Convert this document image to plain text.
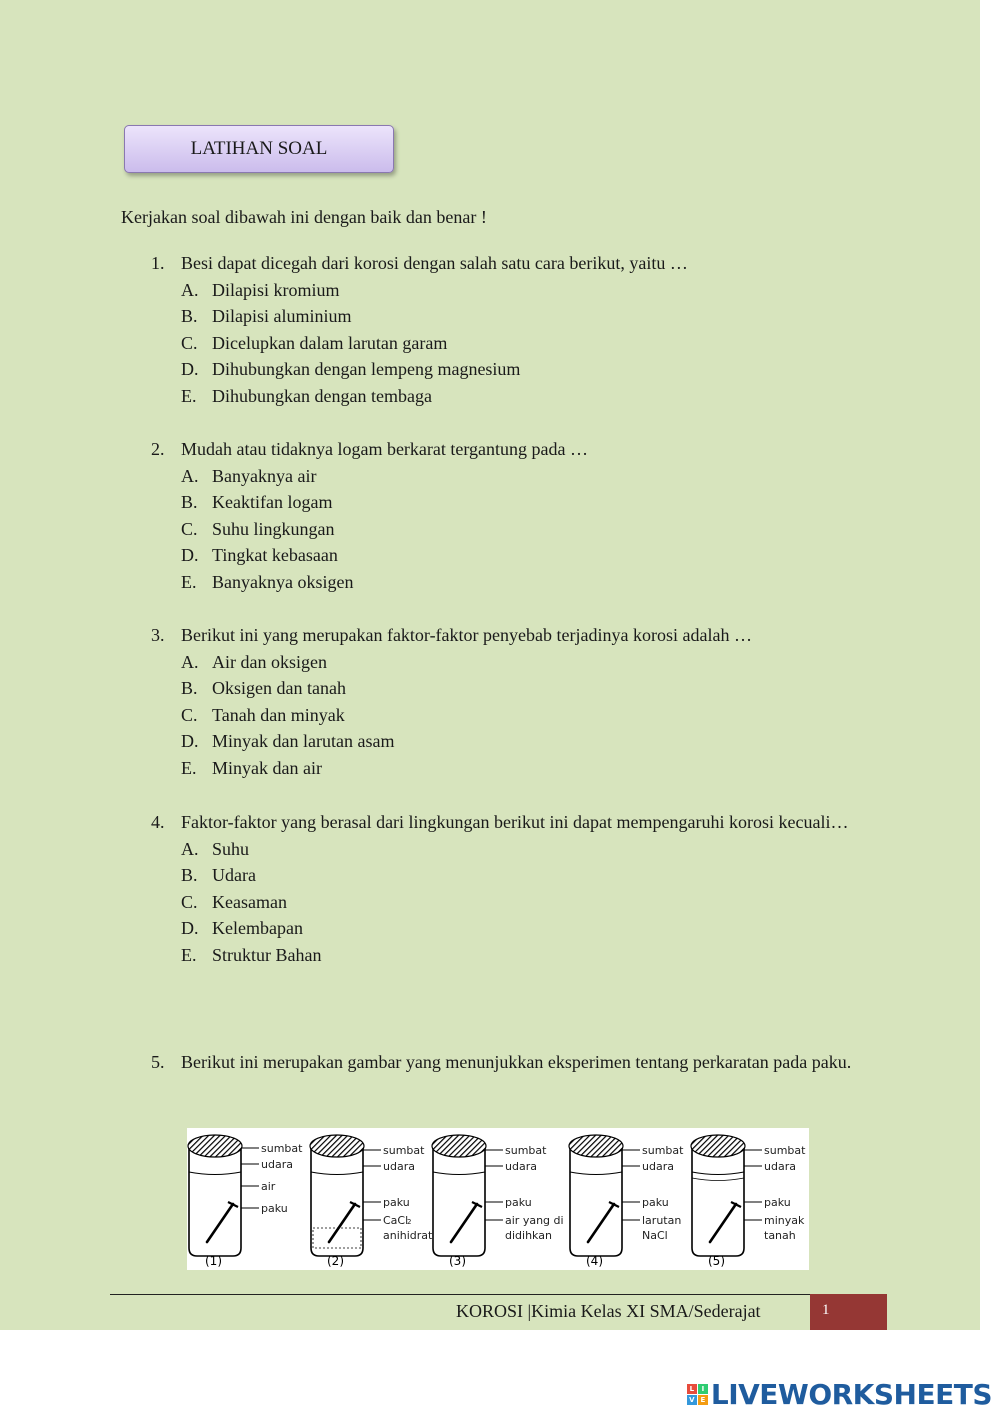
LATIHAN SOAL
Kerjakan soal dibawah ini dengan baik dan benar !
1. Besi dapat dicegah dari korosi dengan salah satu cara berikut, yaitu …
A. Dilapisi kromium
B. Dilapisi aluminium
C. Dicelupkan dalam larutan garam
D. Dihubungkan dengan lempeng magnesium
E. Dihubungkan dengan tembaga
2. Mudah atau tidaknya logam berkarat tergantung pada …
A. Banyaknya air
B. Keaktifan logam
C. Suhu lingkungan
D. Tingkat kebasaan
E. Banyaknya oksigen
3. Berikut ini yang merupakan faktor-faktor penyebab terjadinya korosi adalah …
A. Air dan oksigen
B. Oksigen dan tanah
C. Tanah dan minyak
D. Minyak dan larutan asam
E. Minyak dan air
4. Faktor-faktor yang berasal dari lingkungan berikut ini dapat mempengaruhi korosi kecuali…
A. Suhu
B. Udara
C. Keasaman
D. Kelembapan
E. Struktur Bahan
5. Berikut ini merupakan gambar yang menunjukkan eksperimen tentang perkaratan pada paku.
sumbat
udara
air
paku
(1)
sumbat
udara
paku
CaCl
anihidrat
2
(2)
sumbat
udara
paku
air yang di
didihkan
(3)
sumbat
udara
paku
larutan
NaCl
(4)
sumbat
udara
paku
minyak
tanah
(5)
KOROSI |Kimia Kelas XI SMA/Sederajat	1
L	I
V E LIVEWORKSHEETS
